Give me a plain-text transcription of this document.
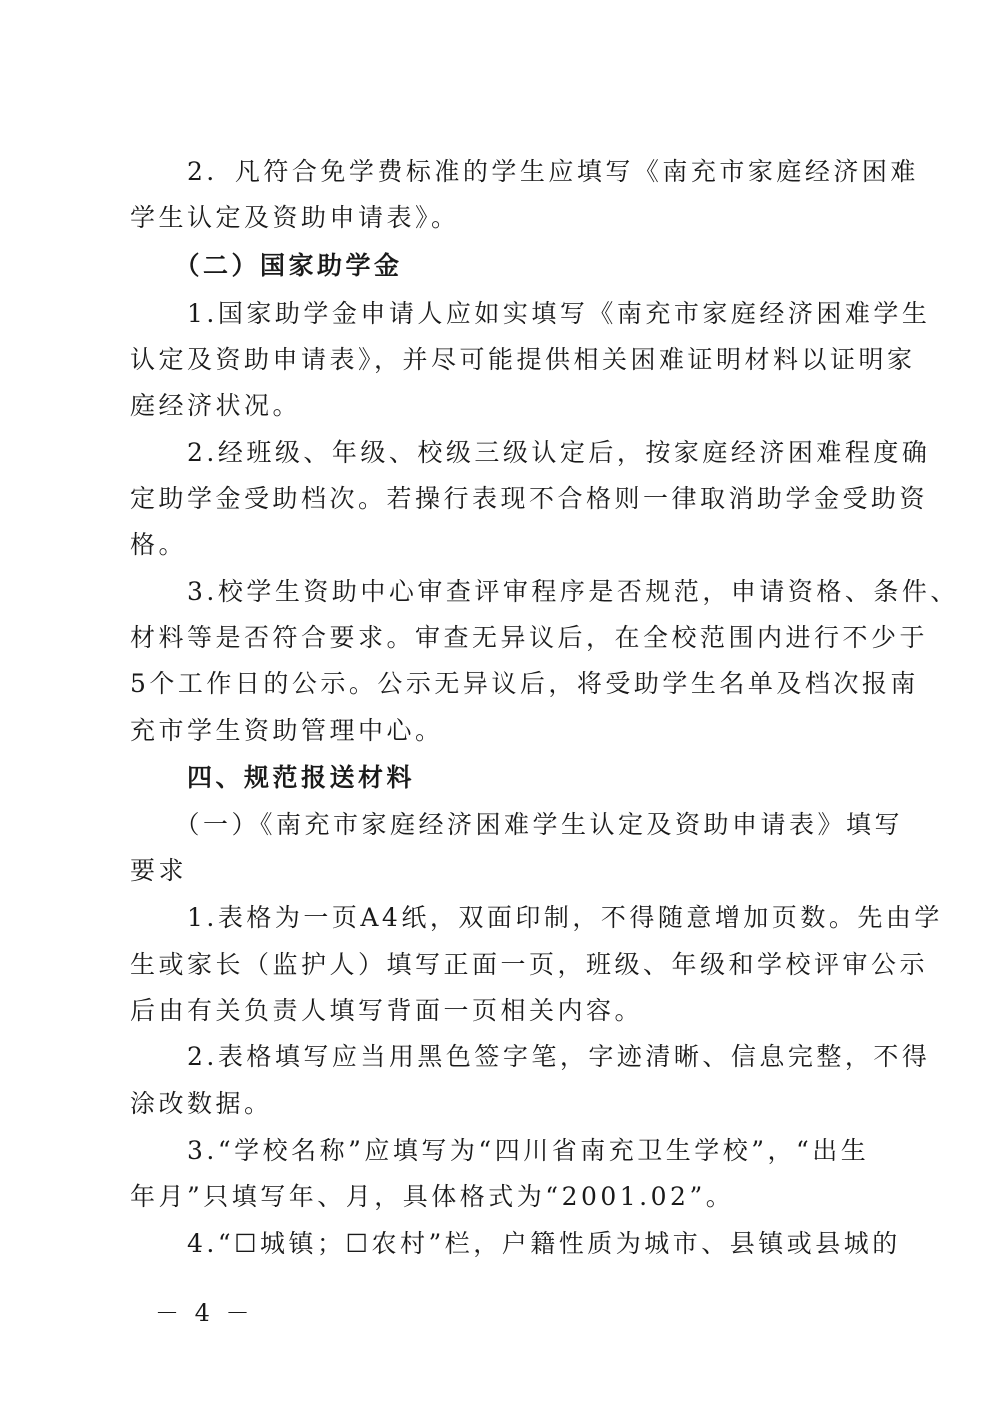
　　2．凡符合免学费标准的学生应填写《南充市家庭经济困难
学生认定及资助申请表》。
　　（二）国家助学金
　　1.国家助学金申请人应如实填写《南充市家庭经济困难学生
认定及资助申请表》，并尽可能提供相关困难证明材料以证明家
庭经济状况。
　　2.经班级、年级、校级三级认定后，按家庭经济困难程度确
定助学金受助档次。若操行表现不合格则一律取消助学金受助资
格。
　　3.校学生资助中心审查评审程序是否规范，申请资格、条件、
材料等是否符合要求。审查无异议后，在全校范围内进行不少于
5个工作日的公示。公示无异议后，将受助学生名单及档次报南
充市学生资助管理中心。
　　四、规范报送材料
　　（一）《南充市家庭经济困难学生认定及资助申请表》填写
要求
　　1.表格为一页A4纸，双面印制，不得随意增加页数。先由学
生或家长（监护人）填写正面一页，班级、年级和学校评审公示
后由有关负责人填写背面一页相关内容。
　　2.表格填写应当用黑色签字笔，字迹清晰、信息完整，不得
涂改数据。
　　3.“学校名称”应填写为“四川省南充卫生学校”，“出生
年月”只填写年、月，具体格式为“2001.02”。
　　4.“☐城镇；☐农村”栏，户籍性质为城市、县镇或县城的
－ 4 －
